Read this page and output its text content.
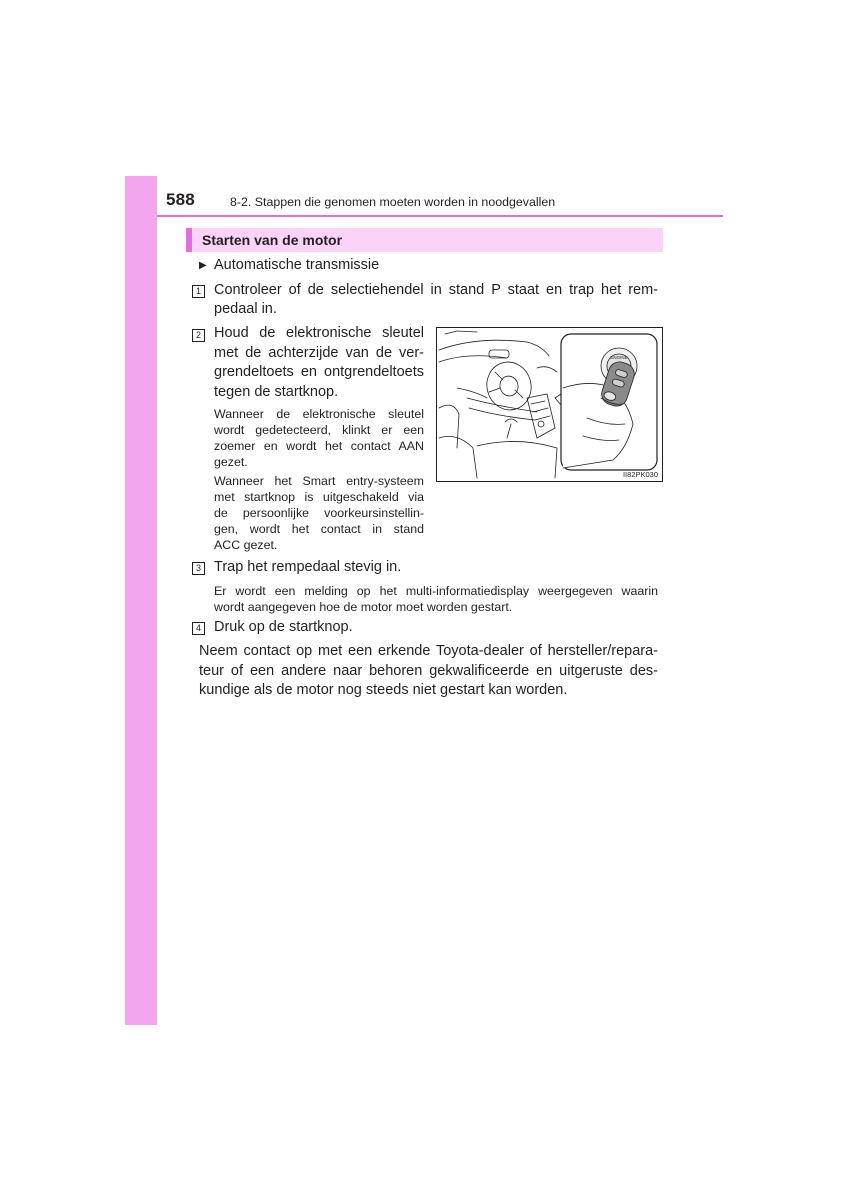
588	8-2. Stappen die genomen moeten worden in noodgevallen
Starten van de motor
▶ Automatische transmissie
1 Controleer of de selectiehendel in stand P staat en trap het rem-
pedaal in.
2 Houd de elektronische sleutel
met de achterzijde van de ver-
grendeltoets en ontgrendeltoets
tegen de startknop.
Wanneer de elektronische sleutel
wordt gedetecteerd, klinkt er een
zoemer en wordt het contact AAN
gezet.
Wanneer het Smart entry-systeem
met startknop is uitgeschakeld via
de persoonlijke voorkeursinstellin-
gen, wordt het contact in stand
ACC gezet.
ENGINE
II82PK030
3 Trap het rempedaal stevig in.
Er wordt een melding op het multi-informatiedisplay weergegeven waarin
wordt aangegeven hoe de motor moet worden gestart.
4 Druk op de startknop.
Neem contact op met een erkende Toyota-dealer of hersteller/repara-
teur of een andere naar behoren gekwalificeerde en uitgeruste des-
kundige als de motor nog steeds niet gestart kan worden.
